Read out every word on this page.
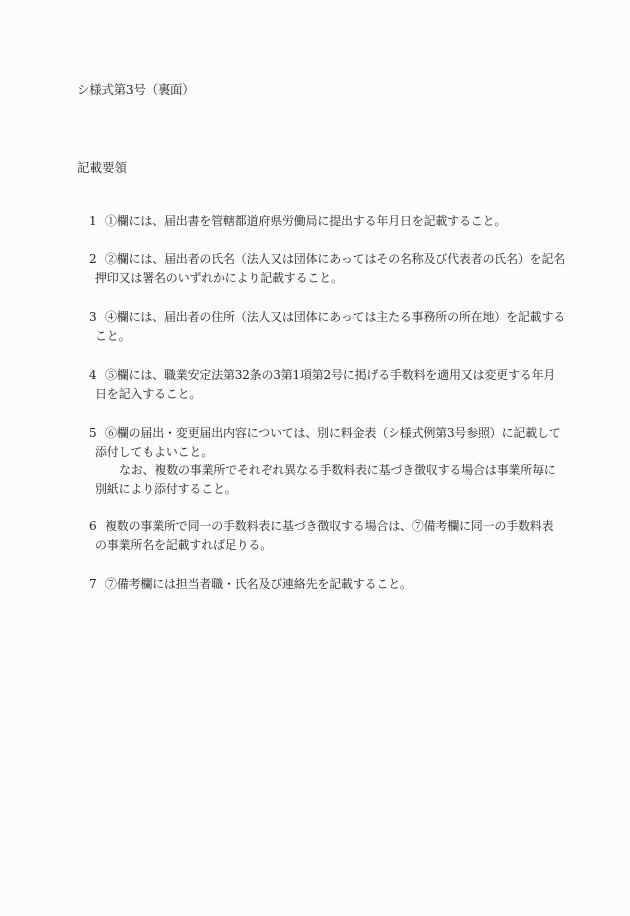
シ様式第3号（裏面）
記載要領
1 ①欄には、届出書を管轄都道府県労働局に提出する年月日を記載すること。
2 ②欄には、届出者の氏名（法人又は団体にあってはその名称及び代表者の氏名）を記名
押印又は署名のいずれかにより記載すること。
3 ④欄には、届出者の住所（法人又は団体にあっては主たる事務所の所在地）を記載する
こと。
4 ⑤欄には、職業安定法第32条の3第1項第2号に掲げる手数料を適用又は変更する年月
日を記入すること。
5 ⑥欄の届出・変更届出内容については、別に料金表（シ様式例第3号参照）に記載して
添付してもよいこと。
なお、複数の事業所でそれぞれ異なる手数料表に基づき徴収する場合は事業所毎に
別紙により添付すること。
6 複数の事業所で同一の手数料表に基づき徴収する場合は、⑦備考欄に同一の手数料表
の事業所名を記載すれば足りる。
7 ⑦備考欄には担当者職・氏名及び連絡先を記載すること。
